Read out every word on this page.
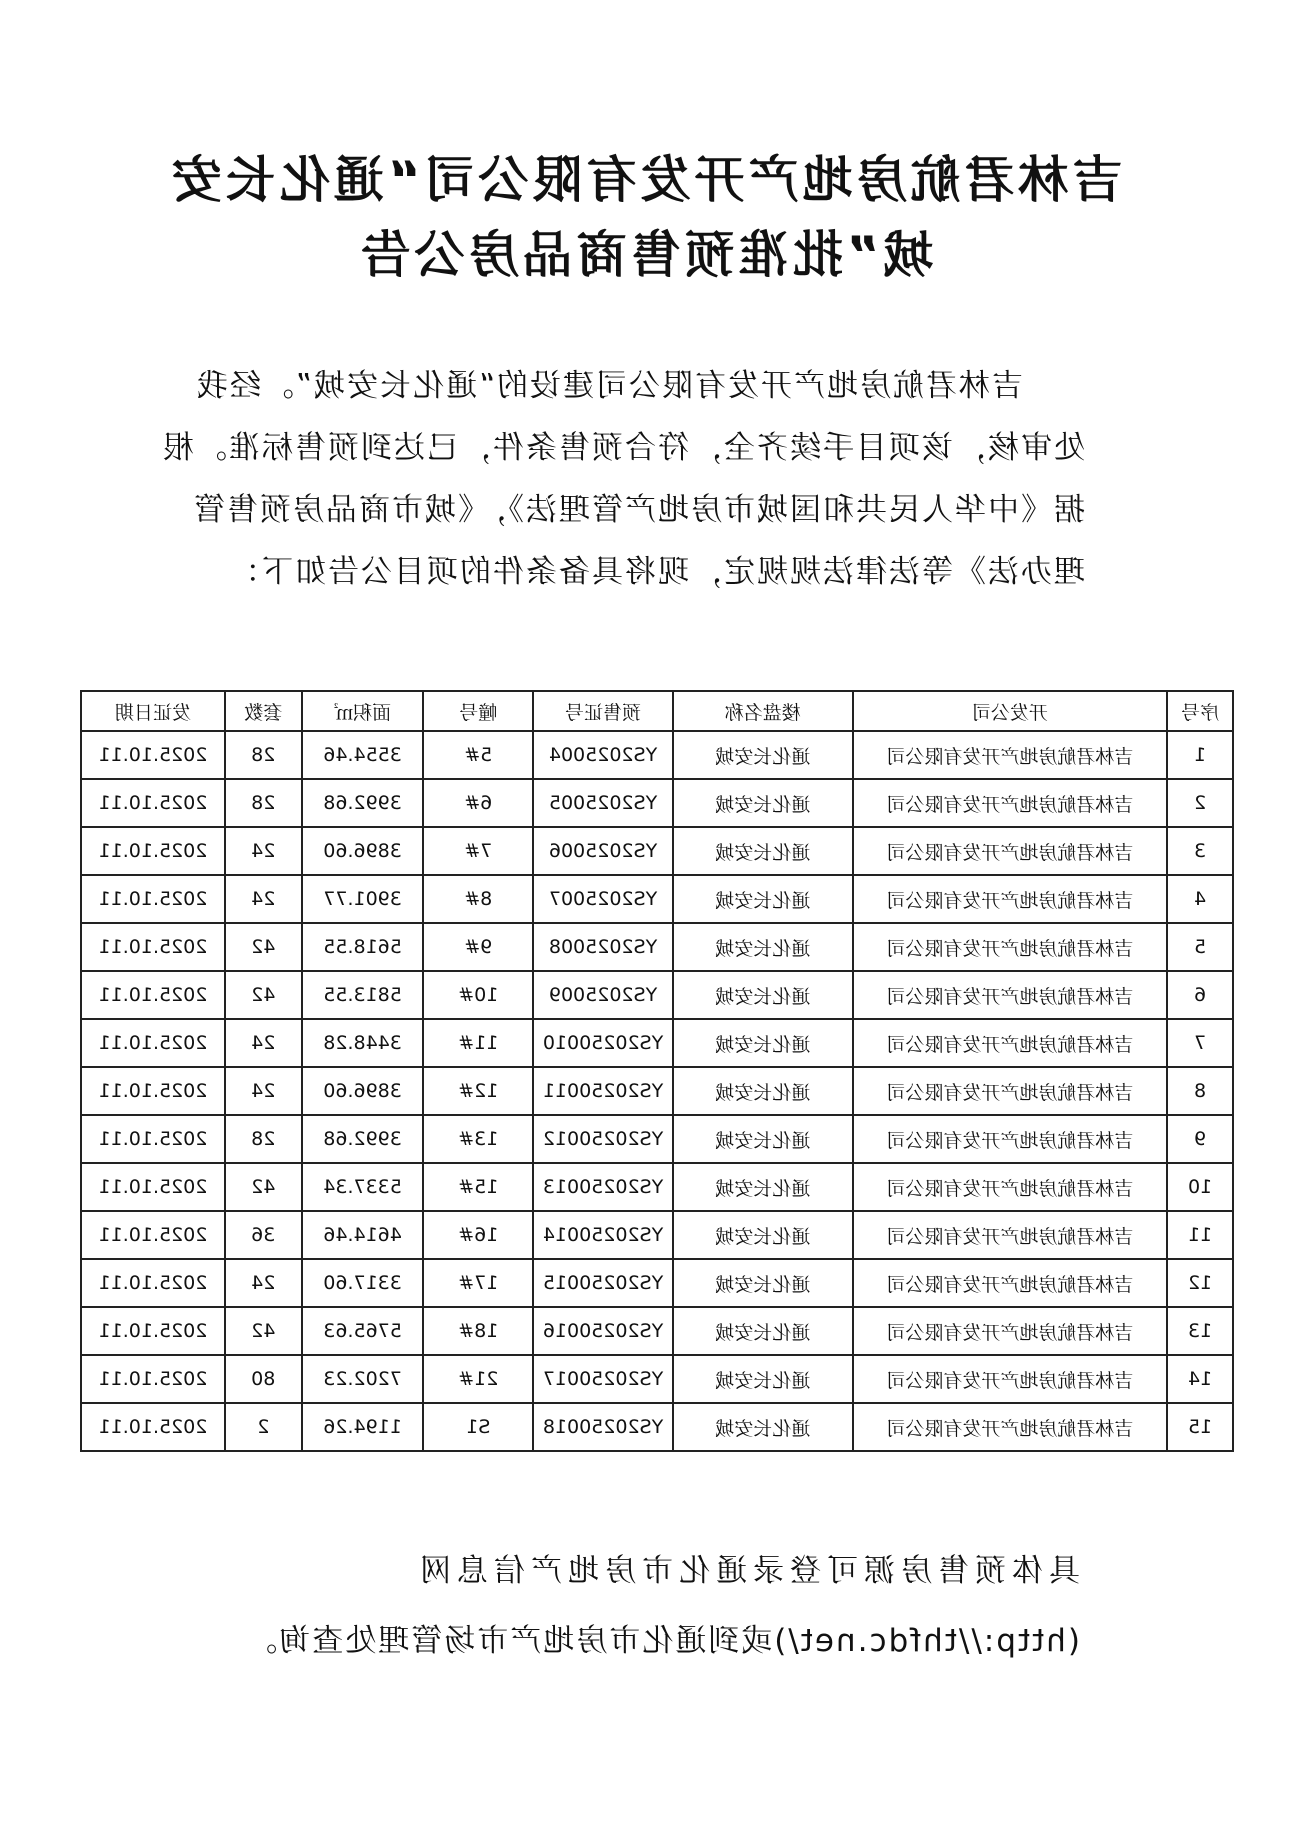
吉林君航房地产开发有限公司“通化长安
城”批准预售商品房公告
吉林君航房地产开发有限公司建设的“通化长安城”。经我
处审核，该项目手续齐全，符合预售条件，已达到预售标准。根
据《中华人民共和国城市房地产管理法》，《城市商品房预售管
理办法》等法律法规规定，现将具备条件的项目公告如下：
序号	开发公司	楼盘名称	预售证号	幢号	面积㎡	套数	发证日期
1	吉林君航房地产开发有限公司	通化长安城	YS2025004	5#	3554.46	28	2025.10.11
2	吉林君航房地产开发有限公司	通化长安城	YS2025005	6#	3992.68	28	2025.10.11
3	吉林君航房地产开发有限公司	通化长安城	YS2025006	7#	3896.60	24	2025.10.11
4	吉林君航房地产开发有限公司	通化长安城	YS2025007	8#	3901.77	24	2025.10.11
5	吉林君航房地产开发有限公司	通化长安城	YS2025008	9#	5618.55	42	2025.10.11
6	吉林君航房地产开发有限公司	通化长安城	YS2025009	10#	5813.55	42	2025.10.11
7	吉林君航房地产开发有限公司	通化长安城	YS20250010	11#	3448.28	24	2025.10.11
8	吉林君航房地产开发有限公司	通化长安城	YS20250011	12#	3896.60	24	2025.10.11
9	吉林君航房地产开发有限公司	通化长安城	YS20250012	13#	3992.68	28	2025.10.11
10	吉林君航房地产开发有限公司	通化长安城	YS20250013	15#	5337.34	42	2025.10.11
11	吉林君航房地产开发有限公司	通化长安城	YS20250014	16#	4614.46	36	2025.10.11
12	吉林君航房地产开发有限公司	通化长安城	YS20250015	17#	3317.60	24	2025.10.11
13	吉林君航房地产开发有限公司	通化长安城	YS20250016	18#	5765.63	42	2025.10.11
14	吉林君航房地产开发有限公司	通化长安城	YS20250017	21#	7202.23	80	2025.10.11
15	吉林君航房地产开发有限公司	通化长安城	YS20250018	S1	1194.26	2	2025.10.11
具体预售房源可登录通化市房地产信息网
(http://thfdc.net/)或到通化市房地产市场管理处查询。
